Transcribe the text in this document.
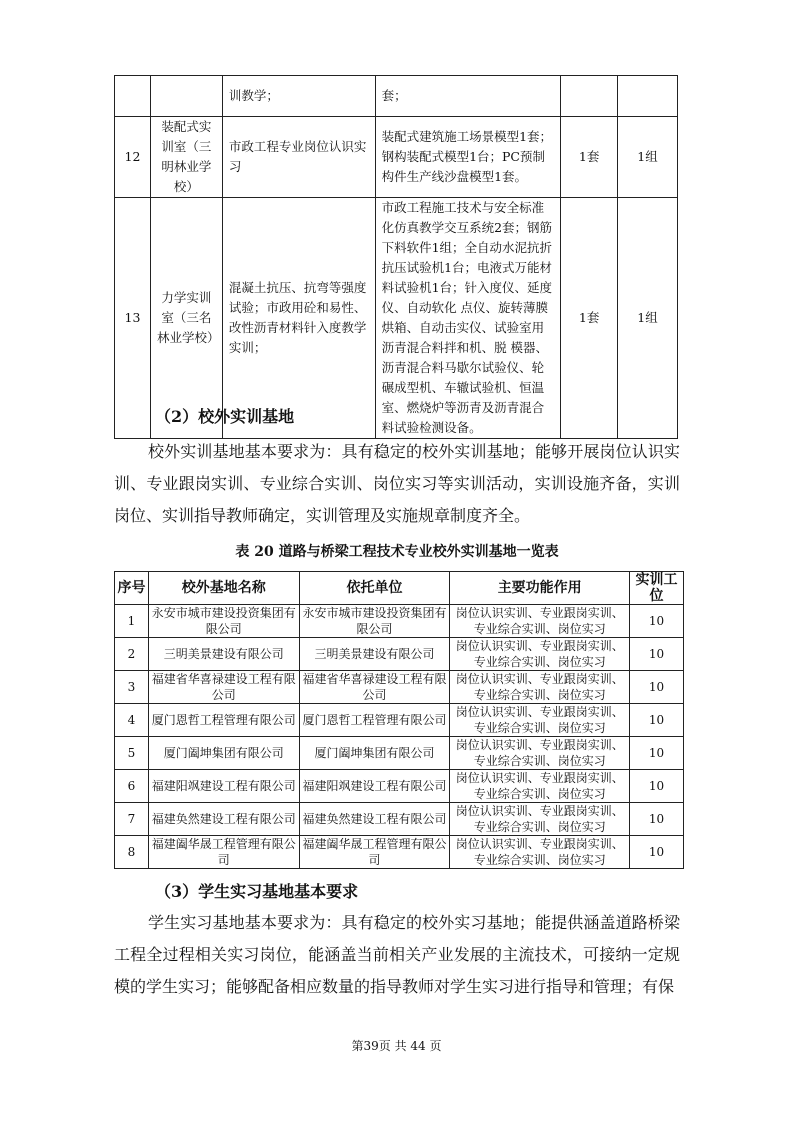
		训教学；	套；		
12	装配式实训室（三明林业学校）	市政工程专业岗位认识实习	装配式建筑施工场景模型1套；钢构装配式模型1台；PC预制构件生产线沙盘模型1套。	1套	1组
13	力学实训室（三名林业学校）	混凝土抗压、抗弯等强度试验；市政用砼和易性、改性沥青材料针入度教学实训；	市政工程施工技术与安全标准化仿真教学交互系统2套；钢筋下料软件1组；全自动水泥抗折抗压试验机1台；电液式万能材料试验机1台；针入度仪、延度仪、自动软化 点仪、旋转薄膜烘箱、自动击实仪、试验室用沥青混合料拌和机、脱 模器、沥青混合料马歇尔试验仪、轮碾成型机、车辙试验机、恒温室、燃烧炉等沥青及沥青混合料试验检测设备。	1套	1组
（2）校外实训基地
校外实训基地基本要求为：具有稳定的校外实训基地；能够开展岗位认识实训、专业跟岗实训、专业综合实训、岗位实习等实训活动，实训设施齐备，实训岗位、实训指导教师确定，实训管理及实施规章制度齐全。
表 20 道路与桥梁工程技术专业校外实训基地一览表
序号	校外基地名称	依托单位	主要功能作用	实训工位
1	永安市城市建设投资集团有限公司	永安市城市建设投资集团有限公司	岗位认识实训、专业跟岗实训、专业综合实训、岗位实习	10
2	三明美景建设有限公司	三明美景建设有限公司	岗位认识实训、专业跟岗实训、专业综合实训、岗位实习	10
3	福建省华喜禄建设工程有限公司	福建省华喜禄建设工程有限公司	岗位认识实训、专业跟岗实训、专业综合实训、岗位实习	10
4	厦门恩哲工程管理有限公司	厦门恩哲工程管理有限公司	岗位认识实训、专业跟岗实训、专业综合实训、岗位实习	10
5	厦门阖坤集团有限公司	厦门阖坤集团有限公司	岗位认识实训、专业跟岗实训、专业综合实训、岗位实习	10
6	福建阳飒建设工程有限公司	福建阳飒建设工程有限公司	岗位认识实训、专业跟岗实训、专业综合实训、岗位实习	10
7	福建奂然建设工程有限公司	福建奂然建设工程有限公司	岗位认识实训、专业跟岗实训、专业综合实训、岗位实习	10
8	福建阖华晟工程管理有限公司	福建阖华晟工程管理有限公司	岗位认识实训、专业跟岗实训、专业综合实训、岗位实习	10
（3）学生实习基地基本要求
学生实习基地基本要求为：具有稳定的校外实习基地；能提供涵盖道路桥梁工程全过程相关实习岗位，能涵盖当前相关产业发展的主流技术，可接纳一定规模的学生实习；能够配备相应数量的指导教师对学生实习进行指导和管理；有保
第39页 共 44 页
